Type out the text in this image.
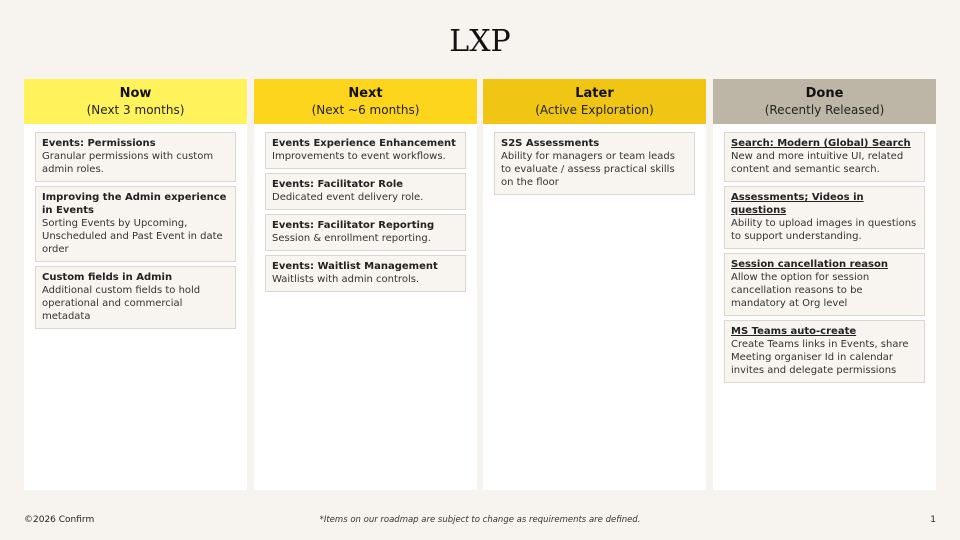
LXP
Now
(Next 3 months)
Events: Permissions
Granular permissions with custom admin roles.
Improving the Admin experience in Events
Sorting Events by Upcoming, Unscheduled and Past Event in date order
Custom fields in Admin
Additional custom fields to hold operational and commercial metadata
Next
(Next ~6 months)
Events Experience Enhancement
Improvements to event workflows.
Events: Facilitator Role
Dedicated event delivery role.
Events: Facilitator Reporting
Session & enrollment reporting.
Events: Waitlist Management
Waitlists with admin controls.
Later
(Active Exploration)
S2S Assessments
Ability for managers or team leads to evaluate / assess practical skills on the floor
Done
(Recently Released)
Search: Modern (Global) Search
New and more intuitive UI, related content and semantic search.
Assessments; Videos in questions
Ability to upload images in questions to support understanding.
Session cancellation reason
Allow the option for session cancellation reasons to be mandatory at Org level
MS Teams auto-create
Create Teams links in Events, share Meeting organiser Id in calendar invites and delegate permissions
©2026 Confirm	*Items on our roadmap are subject to change as requirements are defined.	1
